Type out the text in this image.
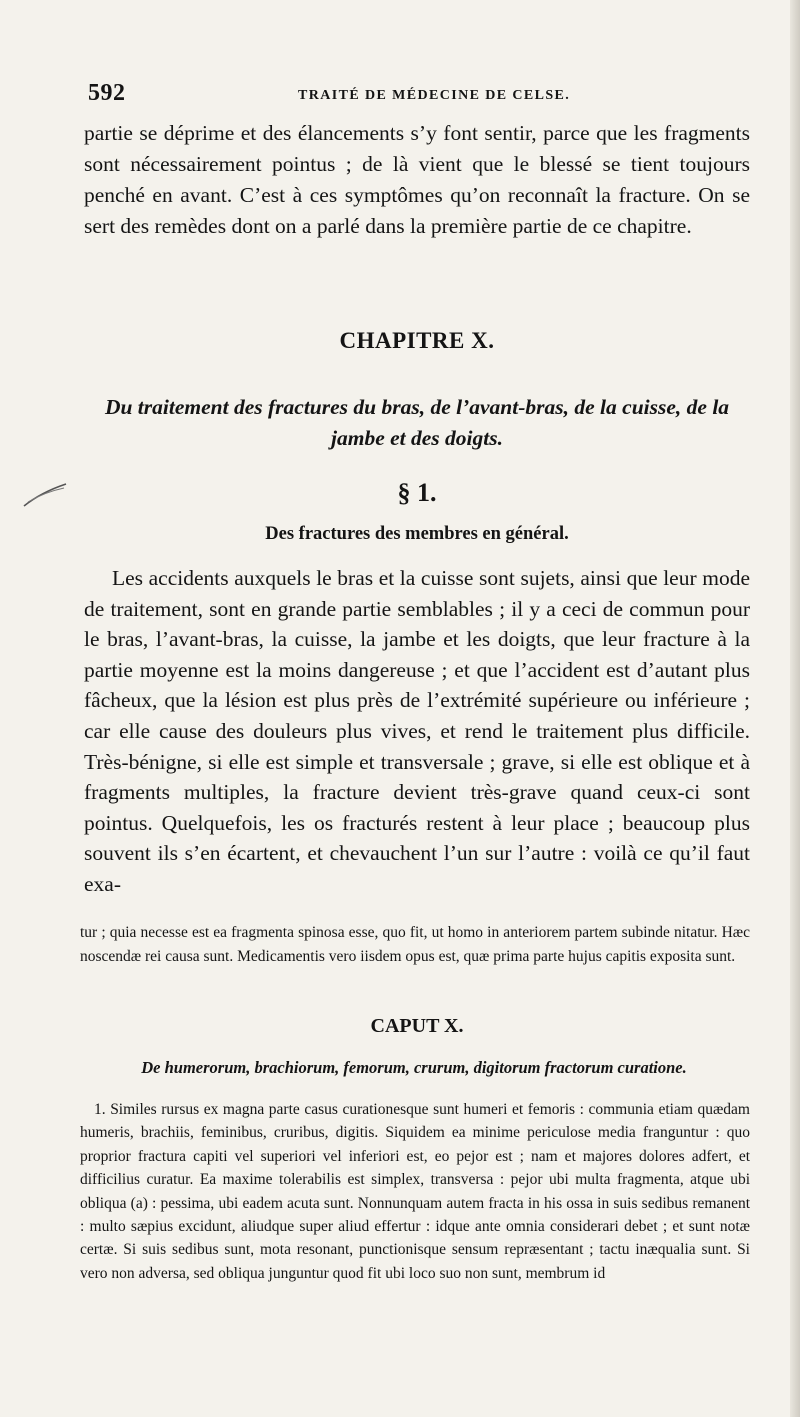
592	TRAITÉ DE MÉDECINE DE CELSE.

partie se déprime et des élancements s’y font sentir, parce que les fragments sont nécessairement pointus ; de là vient que le blessé se tient toujours penché en avant. C’est à ces symptômes qu’on reconnaît la fracture. On se sert des remèdes dont on a parlé dans la première partie de ce chapitre.

CHAPITRE X.
Du traitement des fractures du bras, de l’avant-bras, de la cuisse, de la jambe et des doigts.
§ 1.
Des fractures des membres en général.

Les accidents auxquels le bras et la cuisse sont sujets, ainsi que leur mode de traitement, sont en grande partie semblables ; il y a ceci de commun pour le bras, l’avant-bras, la cuisse, la jambe et les doigts, que leur fracture à la partie moyenne est la moins dangereuse ; et que l’accident est d’autant plus fâcheux, que la lésion est plus près de l’extrémité supérieure ou inférieure ; car elle cause des douleurs plus vives, et rend le traitement plus difficile. Très-bénigne, si elle est simple et transversale ; grave, si elle est oblique et à fragments multiples, la fracture devient très-grave quand ceux-ci sont pointus. Quelquefois, les os fracturés restent à leur place ; beaucoup plus souvent ils s’en écartent, et chevauchent l’un sur l’autre : voilà ce qu’il faut exa-

tur ; quia necesse est ea fragmenta spinosa esse, quo fit, ut homo in anteriorem partem subinde nitatur. Hæc noscendæ rei causa sunt. Medicamentis vero iisdem opus est, quæ prima parte hujus capitis exposita sunt.

CAPUT X.
De humerorum, brachiorum, femorum, crurum, digitorum fractorum curatione.

1. Similes rursus ex magna parte casus curationesque sunt humeri et femoris : communia etiam quædam humeris, brachiis, feminibus, cruribus, digitis. Siquidem ea minime periculose media franguntur : quo proprior fractura capiti vel superiori vel inferiori est, eo pejor est ; nam et majores dolores adfert, et difficilius curatur. Ea maxime tolerabilis est simplex, transversa : pejor ubi multa fragmenta, atque ubi obliqua (a) : pessima, ubi eadem acuta sunt. Nonnunquam autem fracta in his ossa in suis sedibus remanent : multo sæpius excidunt, aliudque super aliud effertur : idque ante omnia considerari debet ; et sunt notæ certæ. Si suis sedibus sunt, mota resonant, punctionisque sensum repræsentant ; tactu inæqualia sunt. Si vero non adversa, sed obliqua junguntur quod fit ubi loco suo non sunt, membrum id
